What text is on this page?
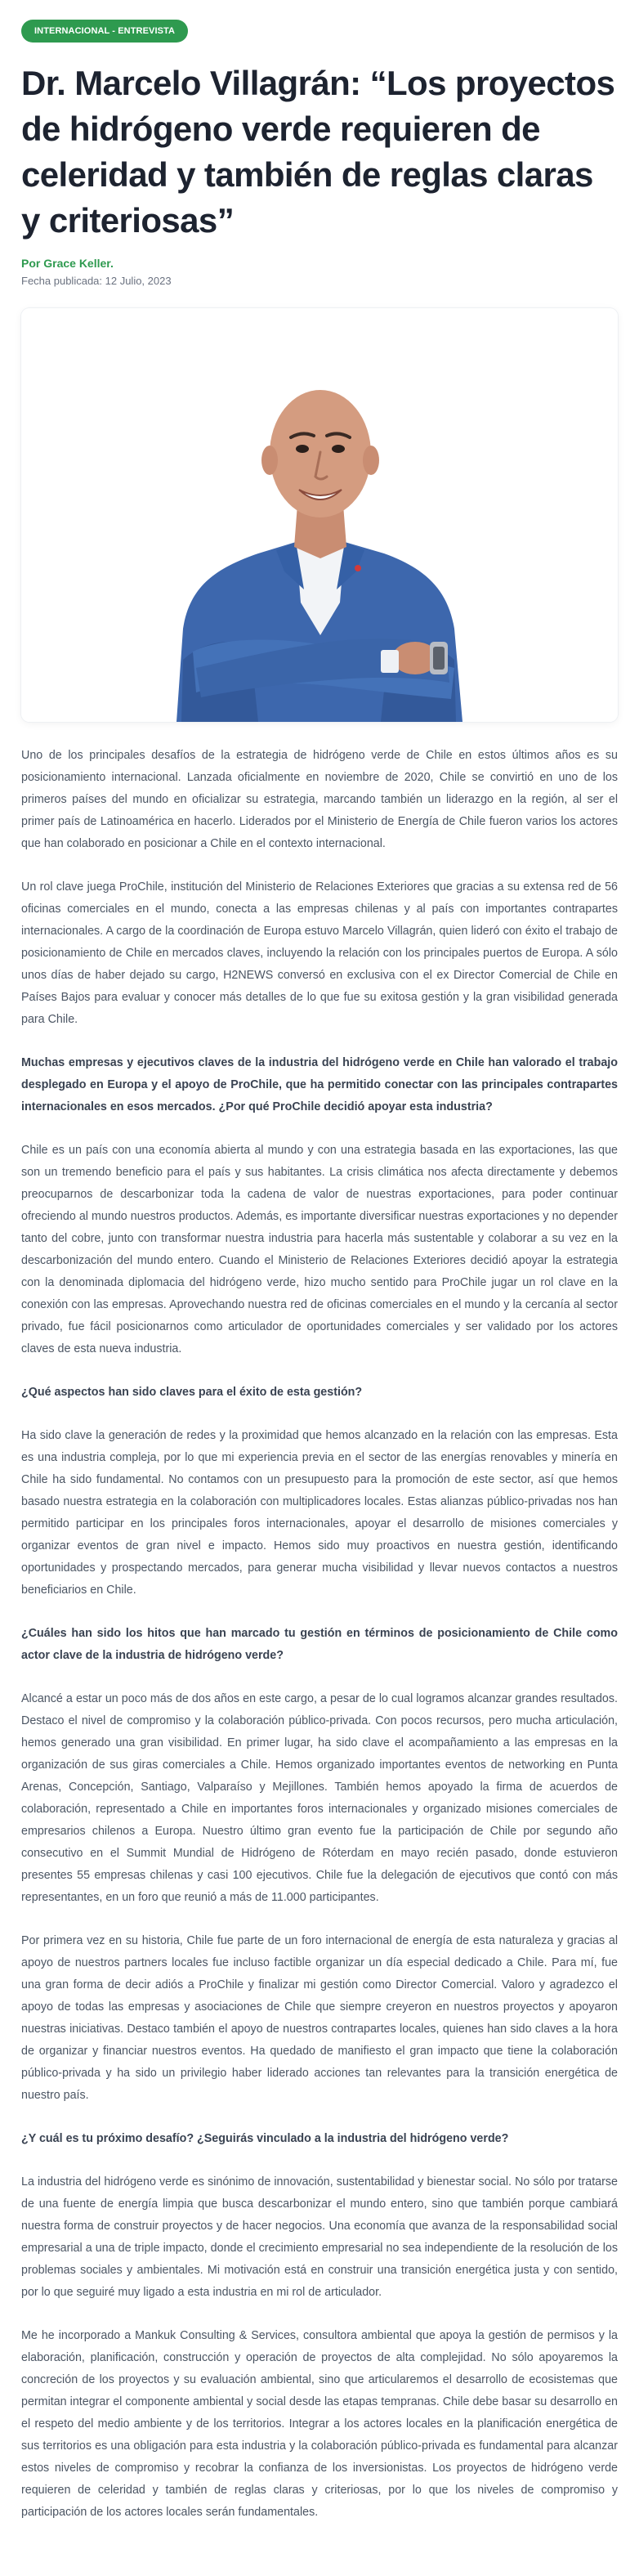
INTERNACIONAL - ENTREVISTA
Dr. Marcelo Villagrán: “Los proyectos de hidrógeno verde requieren de celeridad y también de reglas claras y criteriosas”
Por Grace Keller.
Fecha publicada: 12 Julio, 2023

Uno de los principales desafíos de la estrategia de hidrógeno verde de Chile en estos últimos años es su posicionamiento internacional. Lanzada oficialmente en noviembre de 2020, Chile se convirtió en uno de los primeros países del mundo en oficializar su estrategia, marcando también un liderazgo en la región, al ser el primer país de Latinoamérica en hacerlo. Liderados por el Ministerio de Energía de Chile fueron varios los actores que han colaborado en posicionar a Chile en el contexto internacional.

Un rol clave juega ProChile, institución del Ministerio de Relaciones Exteriores que gracias a su extensa red de 56 oficinas comerciales en el mundo, conecta a las empresas chilenas y al país con importantes contrapartes internacionales. A cargo de la coordinación de Europa estuvo Marcelo Villagrán, quien lideró con éxito el trabajo de posicionamiento de Chile en mercados claves, incluyendo la relación con los principales puertos de Europa. A sólo unos días de haber dejado su cargo, H2NEWS conversó en exclusiva con el ex Director Comercial de Chile en Países Bajos para evaluar y conocer más detalles de lo que fue su exitosa gestión y la gran visibilidad generada para Chile.

Muchas empresas y ejecutivos claves de la industria del hidrógeno verde en Chile han valorado el trabajo desplegado en Europa y el apoyo de ProChile, que ha permitido conectar con las principales contrapartes internacionales en esos mercados. ¿Por qué ProChile decidió apoyar esta industria?

Chile es un país con una economía abierta al mundo y con una estrategia basada en las exportaciones, las que son un tremendo beneficio para el país y sus habitantes. La crisis climática nos afecta directamente y debemos preocuparnos de descarbonizar toda la cadena de valor de nuestras exportaciones, para poder continuar ofreciendo al mundo nuestros productos. Además, es importante diversificar nuestras exportaciones y no depender tanto del cobre, junto con transformar nuestra industria para hacerla más sustentable y colaborar a su vez en la descarbonización del mundo entero. Cuando el Ministerio de Relaciones Exteriores decidió apoyar la estrategia con la denominada diplomacia del hidrógeno verde, hizo mucho sentido para ProChile jugar un rol clave en la conexión con las empresas. Aprovechando nuestra red de oficinas comerciales en el mundo y la cercanía al sector privado, fue fácil posicionarnos como articulador de oportunidades comerciales y ser validado por los actores claves de esta nueva industria.

¿Qué aspectos han sido claves para el éxito de esta gestión?

Ha sido clave la generación de redes y la proximidad que hemos alcanzado en la relación con las empresas. Esta es una industria compleja, por lo que mi experiencia previa en el sector de las energías renovables y minería en Chile ha sido fundamental. No contamos con un presupuesto para la promoción de este sector, así que hemos basado nuestra estrategia en la colaboración con multiplicadores locales. Estas alianzas público-privadas nos han permitido participar en los principales foros internacionales, apoyar el desarrollo de misiones comerciales y organizar eventos de gran nivel e impacto. Hemos sido muy proactivos en nuestra gestión, identificando oportunidades y prospectando mercados, para generar mucha visibilidad y llevar nuevos contactos a nuestros beneficiarios en Chile.

¿Cuáles han sido los hitos que han marcado tu gestión en términos de posicionamiento de Chile como actor clave de la industria de hidrógeno verde?

Alcancé a estar un poco más de dos años en este cargo, a pesar de lo cual logramos alcanzar grandes resultados. Destaco el nivel de compromiso y la colaboración público-privada. Con pocos recursos, pero mucha articulación, hemos generado una gran visibilidad. En primer lugar, ha sido clave el acompañamiento a las empresas en la organización de sus giras comerciales a Chile. Hemos organizado importantes eventos de networking en Punta Arenas, Concepción, Santiago, Valparaíso y Mejillones. También hemos apoyado la firma de acuerdos de colaboración, representado a Chile en importantes foros internacionales y organizado misiones comerciales de empresarios chilenos a Europa. Nuestro último gran evento fue la participación de Chile por segundo año consecutivo en el Summit Mundial de Hidrógeno de Róterdam en mayo recién pasado, donde estuvieron presentes 55 empresas chilenas y casi 100 ejecutivos. Chile fue la delegación de ejecutivos que contó con más representantes, en un foro que reunió a más de 11.000 participantes.

Por primera vez en su historia, Chile fue parte de un foro internacional de energía de esta naturaleza y gracias al apoyo de nuestros partners locales fue incluso factible organizar un día especial dedicado a Chile. Para mí, fue una gran forma de decir adiós a ProChile y finalizar mi gestión como Director Comercial. Valoro y agradezco el apoyo de todas las empresas y asociaciones de Chile que siempre creyeron en nuestros proyectos y apoyaron nuestras iniciativas. Destaco también el apoyo de nuestros contrapartes locales, quienes han sido claves a la hora de organizar y financiar nuestros eventos. Ha quedado de manifiesto el gran impacto que tiene la colaboración público-privada y ha sido un privilegio haber liderado acciones tan relevantes para la transición energética de nuestro país.

¿Y cuál es tu próximo desafío? ¿Seguirás vinculado a la industria del hidrógeno verde?

La industria del hidrógeno verde es sinónimo de innovación, sustentabilidad y bienestar social. No sólo por tratarse de una fuente de energía limpia que busca descarbonizar el mundo entero, sino que también porque cambiará nuestra forma de construir proyectos y de hacer negocios. Una economía que avanza de la responsabilidad social empresarial a una de triple impacto, donde el crecimiento empresarial no sea independiente de la resolución de los problemas sociales y ambientales. Mi motivación está en construir una transición energética justa y con sentido, por lo que seguiré muy ligado a esta industria en mi rol de articulador.

Me he incorporado a Mankuk Consulting & Services, consultora ambiental que apoya la gestión de permisos y la elaboración, planificación, construcción y operación de proyectos de alta complejidad. No sólo apoyaremos la concreción de los proyectos y su evaluación ambiental, sino que articularemos el desarrollo de ecosistemas que permitan integrar el componente ambiental y social desde las etapas tempranas. Chile debe basar su desarrollo en el respeto del medio ambiente y de los territorios. Integrar a los actores locales en la planificación energética de sus territorios es una obligación para esta industria y la colaboración público-privada es fundamental para alcanzar estos niveles de compromiso y recobrar la confianza de los inversionistas. Los proyectos de hidrógeno verde requieren de celeridad y también de reglas claras y criteriosas, por lo que los niveles de compromiso y participación de los actores locales serán fundamentales.
